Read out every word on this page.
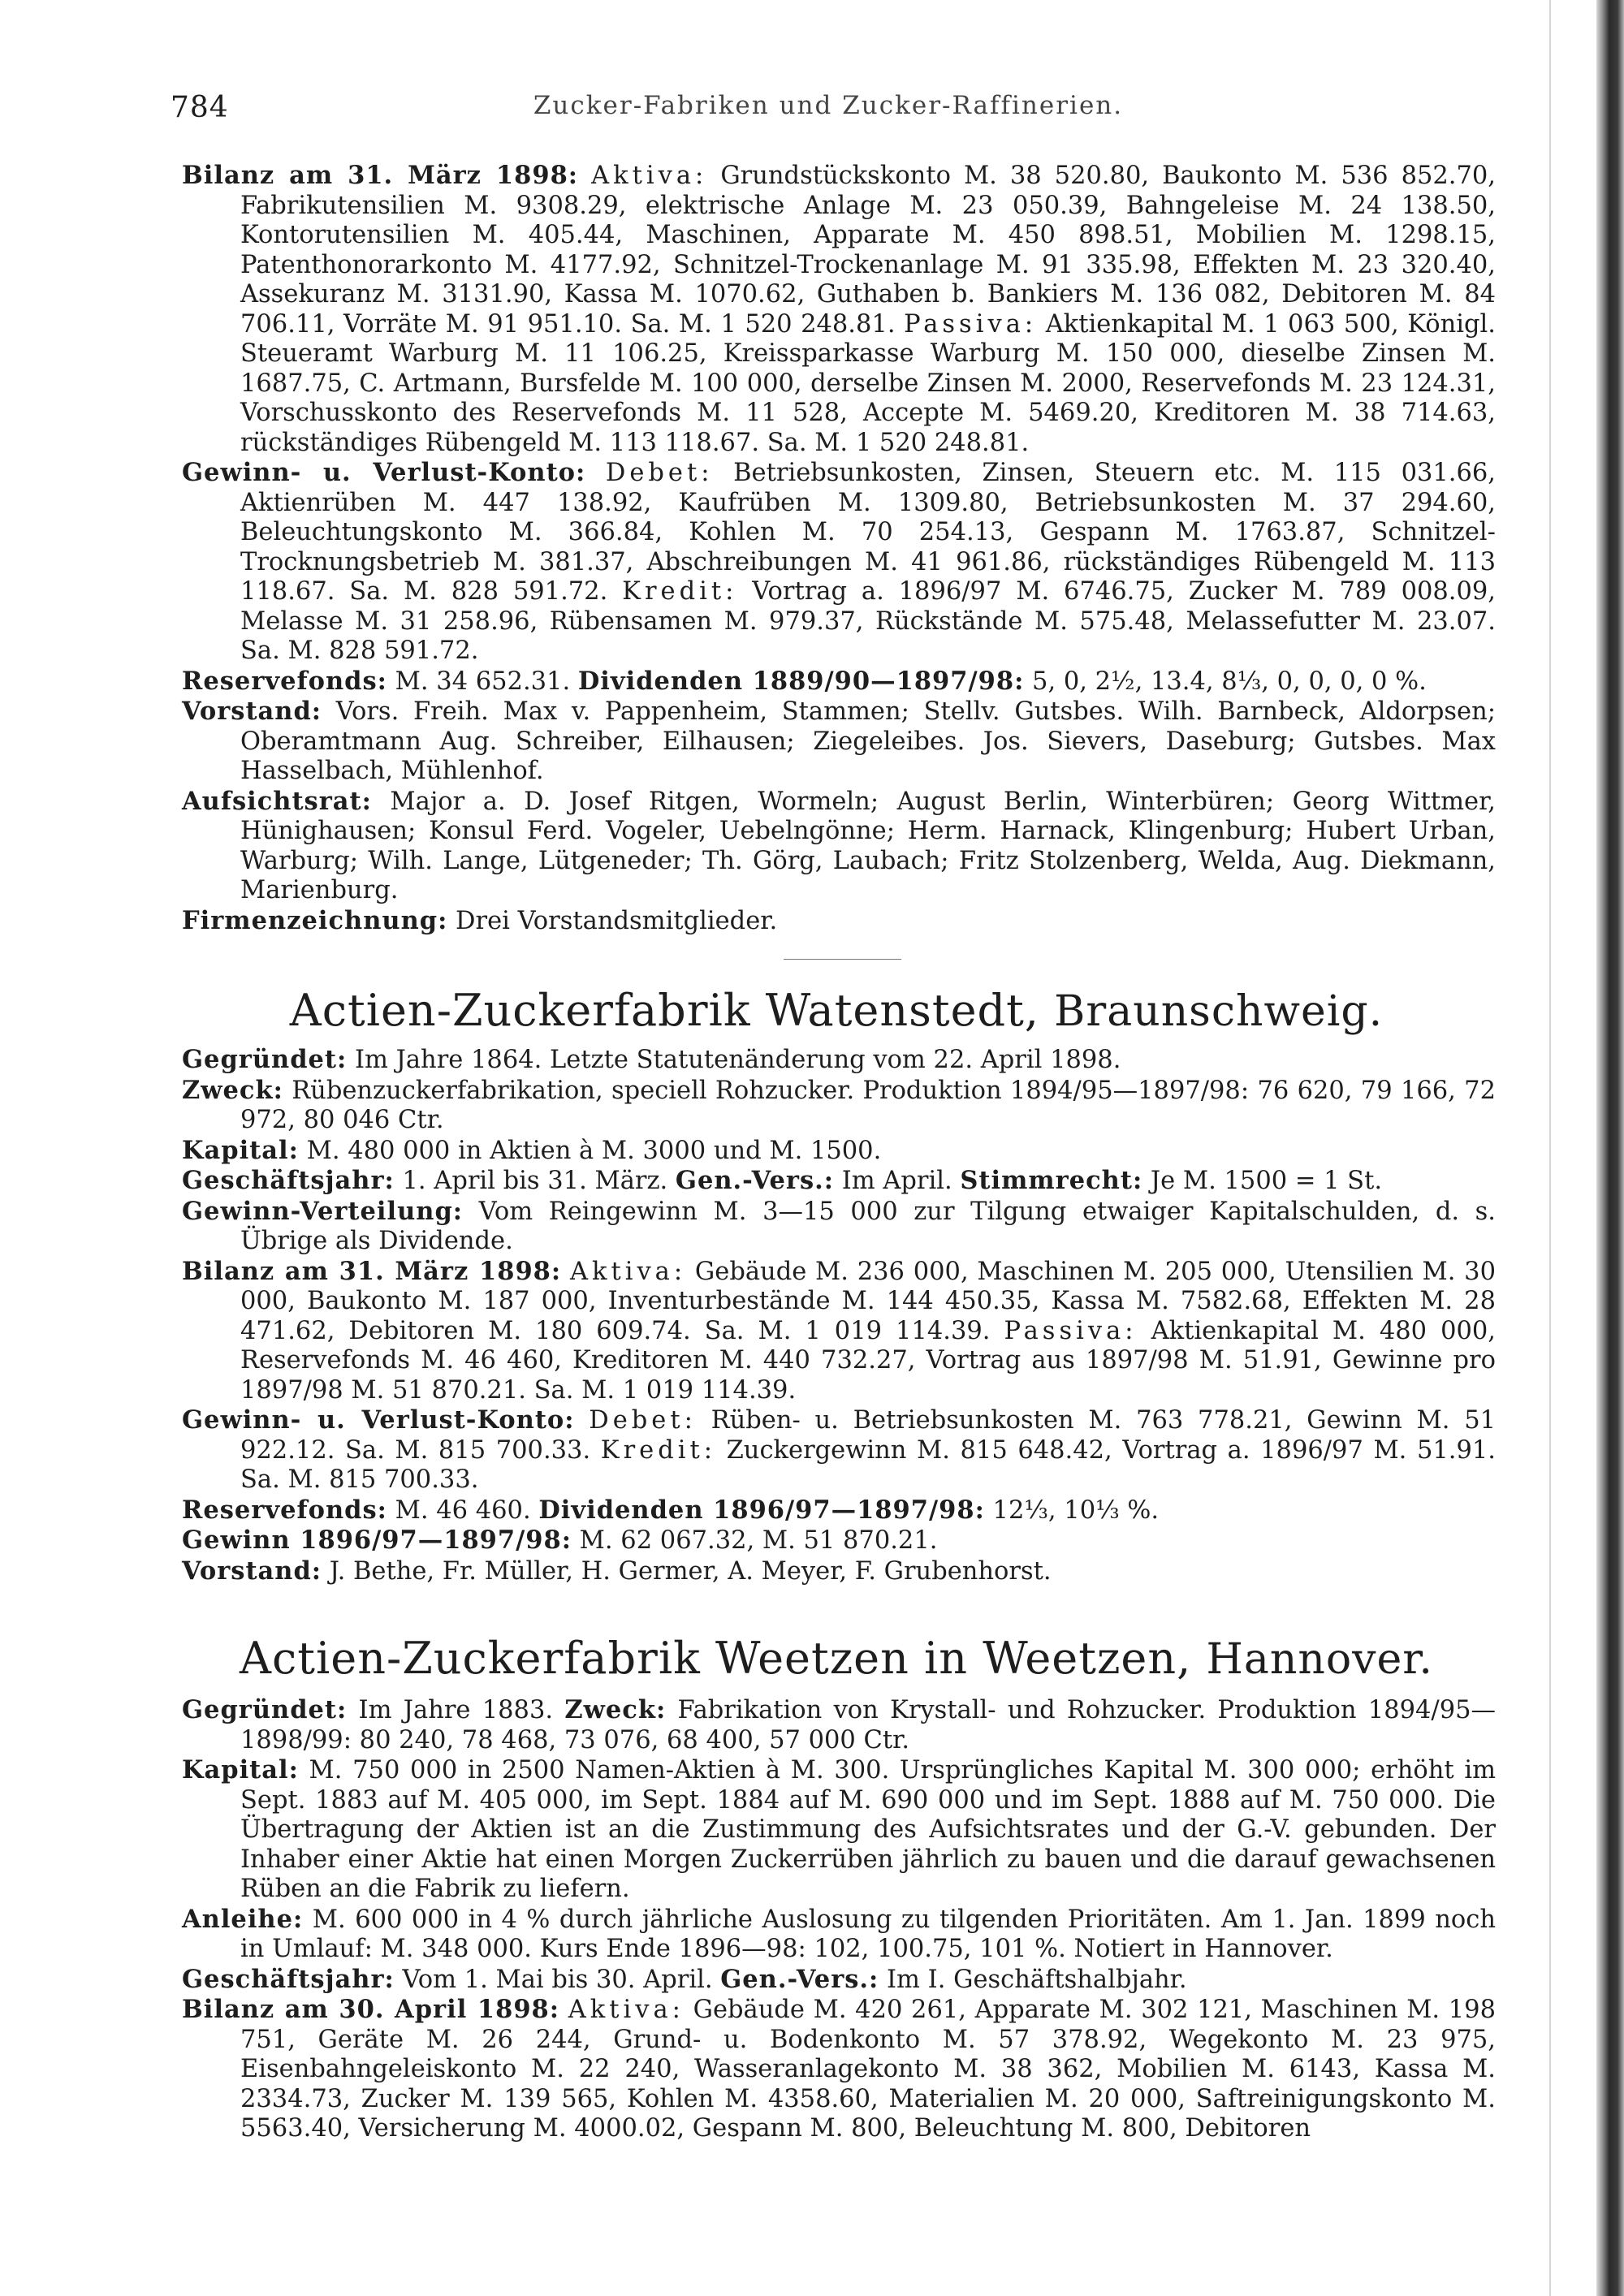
784	Zucker-Fabriken und Zucker-Raffinerien.

Bilanz am 31. März 1898: Aktiva: Grundstückskonto M. 38 520.80, Baukonto M. 536 852.70, Fabrikutensilien M. 9308.29, elektrische Anlage M. 23 050.39, Bahngeleise M. 24 138.50, Kontorutensilien M. 405.44, Maschinen, Apparate M. 450 898.51, Mobilien M. 1298.15, Patenthonorarkonto M. 4177.92, Schnitzel-Trockenanlage M. 91 335.98, Effekten M. 23 320.40, Assekuranz M. 3131.90, Kassa M. 1070.62, Guthaben b. Bankiers M. 136 082, Debitoren M. 84 706.11, Vorräte M. 91 951.10. Sa. M. 1 520 248.81. Passiva: Aktienkapital M. 1 063 500, Königl. Steueramt Warburg M. 11 106.25, Kreissparkasse Warburg M. 150 000, dieselbe Zinsen M. 1687.75, C. Artmann, Bursfelde M. 100 000, derselbe Zinsen M. 2000, Reservefonds M. 23 124.31, Vorschusskonto des Reservefonds M. 11 528, Accepte M. 5469.20, Kreditoren M. 38 714.63, rückständiges Rübengeld M. 113 118.67. Sa. M. 1 520 248.81.

Gewinn- u. Verlust-Konto: Debet: Betriebsunkosten, Zinsen, Steuern etc. M. 115 031.66, Aktienrüben M. 447 138.92, Kaufrüben M. 1309.80, Betriebsunkosten M. 37 294.60, Beleuchtungskonto M. 366.84, Kohlen M. 70 254.13, Gespann M. 1763.87, Schnitzel-Trocknungsbetrieb M. 381.37, Abschreibungen M. 41 961.86, rückständiges Rübengeld M. 113 118.67. Sa. M. 828 591.72. Kredit: Vortrag a. 1896/97 M. 6746.75, Zucker M. 789 008.09, Melasse M. 31 258.96, Rübensamen M. 979.37, Rückstände M. 575.48, Melassefutter M. 23.07. Sa. M. 828 591.72.

Reservefonds: M. 34 652.31. Dividenden 1889/90—1897/98: 5, 0, 2½, 13.4, 8⅓, 0, 0, 0, 0 %.

Vorstand: Vors. Freih. Max v. Pappenheim, Stammen; Stellv. Gutsbes. Wilh. Barnbeck, Aldorpsen; Oberamtmann Aug. Schreiber, Eilhausen; Ziegeleibes. Jos. Sievers, Daseburg; Gutsbes. Max Hasselbach, Mühlenhof.

Aufsichtsrat: Major a. D. Josef Ritgen, Wormeln; August Berlin, Winterbüren; Georg Wittmer, Hünighausen; Konsul Ferd. Vogeler, Uebelngönne; Herm. Harnack, Klingenburg; Hubert Urban, Warburg; Wilh. Lange, Lütgeneder; Th. Görg, Laubach; Fritz Stolzenberg, Welda, Aug. Diekmann, Marienburg.

Firmenzeichnung: Drei Vorstandsmitglieder.

Actien-Zuckerfabrik Watenstedt, Braunschweig.

Gegründet: Im Jahre 1864. Letzte Statutenänderung vom 22. April 1898.

Zweck: Rübenzuckerfabrikation, speciell Rohzucker. Produktion 1894/95—1897/98: 76 620, 79 166, 72 972, 80 046 Ctr.

Kapital: M. 480 000 in Aktien à M. 3000 und M. 1500.

Geschäftsjahr: 1. April bis 31. März. Gen.-Vers.: Im April. Stimmrecht: Je M. 1500 = 1 St.

Gewinn-Verteilung: Vom Reingewinn M. 3—15 000 zur Tilgung etwaiger Kapitalschulden, d. s. Übrige als Dividende.

Bilanz am 31. März 1898: Aktiva: Gebäude M. 236 000, Maschinen M. 205 000, Utensilien M. 30 000, Baukonto M. 187 000, Inventurbestände M. 144 450.35, Kassa M. 7582.68, Effekten M. 28 471.62, Debitoren M. 180 609.74. Sa. M. 1 019 114.39. Passiva: Aktienkapital M. 480 000, Reservefonds M. 46 460, Kreditoren M. 440 732.27, Vortrag aus 1897/98 M. 51.91, Gewinne pro 1897/98 M. 51 870.21. Sa. M. 1 019 114.39.

Gewinn- u. Verlust-Konto: Debet: Rüben- u. Betriebsunkosten M. 763 778.21, Gewinn M. 51 922.12. Sa. M. 815 700.33. Kredit: Zuckergewinn M. 815 648.42, Vortrag a. 1896/97 M. 51.91. Sa. M. 815 700.33.

Reservefonds: M. 46 460. Dividenden 1896/97—1897/98: 12⅓, 10⅓ %.

Gewinn 1896/97—1897/98: M. 62 067.32, M. 51 870.21.

Vorstand: J. Bethe, Fr. Müller, H. Germer, A. Meyer, F. Grubenhorst.

Actien-Zuckerfabrik Weetzen in Weetzen, Hannover.

Gegründet: Im Jahre 1883. Zweck: Fabrikation von Krystall- und Rohzucker. Produktion 1894/95—1898/99: 80 240, 78 468, 73 076, 68 400, 57 000 Ctr.

Kapital: M. 750 000 in 2500 Namen-Aktien à M. 300. Ursprüngliches Kapital M. 300 000; erhöht im Sept. 1883 auf M. 405 000, im Sept. 1884 auf M. 690 000 und im Sept. 1888 auf M. 750 000. Die Übertragung der Aktien ist an die Zustimmung des Aufsichtsrates und der G.-V. gebunden. Der Inhaber einer Aktie hat einen Morgen Zuckerrüben jährlich zu bauen und die darauf gewachsenen Rüben an die Fabrik zu liefern.

Anleihe: M. 600 000 in 4 % durch jährliche Auslosung zu tilgenden Prioritäten. Am 1. Jan. 1899 noch in Umlauf: M. 348 000. Kurs Ende 1896—98: 102, 100.75, 101 %. Notiert in Hannover.

Geschäftsjahr: Vom 1. Mai bis 30. April. Gen.-Vers.: Im I. Geschäftshalbjahr.

Bilanz am 30. April 1898: Aktiva: Gebäude M. 420 261, Apparate M. 302 121, Maschinen M. 198 751, Geräte M. 26 244, Grund- u. Bodenkonto M. 57 378.92, Wegekonto M. 23 975, Eisenbahngeleiskonto M. 22 240, Wasseranlagekonto M. 38 362, Mobilien M. 6143, Kassa M. 2334.73, Zucker M. 139 565, Kohlen M. 4358.60, Materialien M. 20 000, Saftreinigungskonto M. 5563.40, Versicherung M. 4000.02, Gespann M. 800, Beleuchtung M. 800, Debitoren
